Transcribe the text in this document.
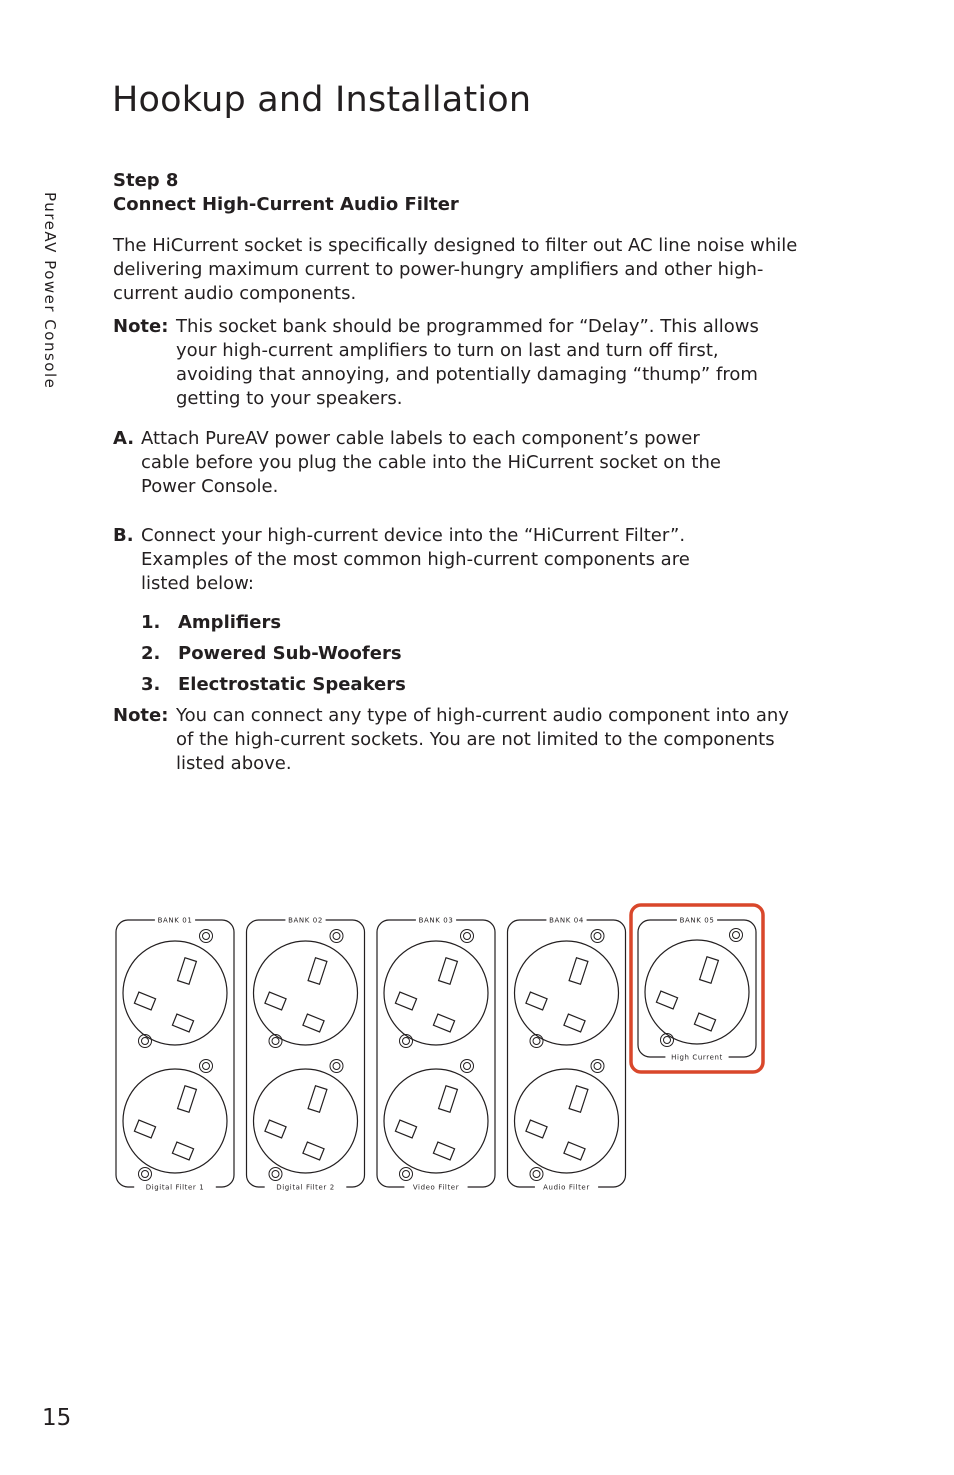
Hookup and Installation
PureAV Power Console
15

Step 8

Connect High-Current Audio Filter

The HiCurrent socket is specifically designed to filter out AC line noise while delivering maximum current to power-hungry amplifiers and other high-current audio components.

Note: This socket bank should be programmed for “Delay”. This allows your high-current amplifiers to turn on last and turn off first, avoiding that annoying, and potentially damaging “thump” from getting to your speakers.
A. Attach PureAV power cable labels to each component’s power cable before you plug the cable into the HiCurrent socket on the Power Console.
B. Connect your high-current device into the “HiCurrent Filter”. Examples of the most common high-current components are listed below:
1. Amplifiers
2. Powered Sub-Woofers
3. Electrostatic Speakers
Note: You can connect any type of high-current audio component into any of the high-current sockets. You are not limited to the components listed above.
BANK 01
Digital Filter 1
BANK 02
Digital Filter 2
BANK 03
Video Filter
BANK 04
Audio Filter
BANK 05
High Current
